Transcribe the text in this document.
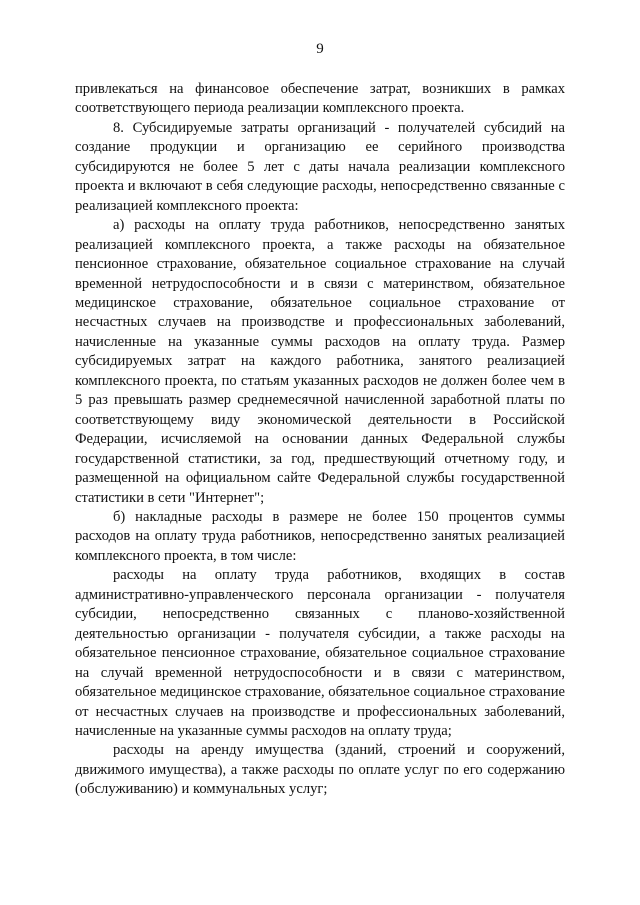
9

привлекаться на финансовое обеспечение затрат, возникших в рамках соответствующего периода реализации комплексного проекта.

8. Субсидируемые затраты организаций - получателей субсидий на создание продукции и организацию ее серийного производства субсидируются не более 5 лет с даты начала реализации комплексного проекта и включают в себя следующие расходы, непосредственно связанные с реализацией комплексного проекта:

а) расходы на оплату труда работников, непосредственно занятых реализацией комплексного проекта, а также расходы на обязательное пенсионное страхование, обязательное социальное страхование на случай временной нетрудоспособности и в связи с материнством, обязательное медицинское страхование, обязательное социальное страхование от несчастных случаев на производстве и профессиональных заболеваний, начисленные на указанные суммы расходов на оплату труда. Размер субсидируемых затрат на каждого работника, занятого реализацией комплексного проекта, по статьям указанных расходов не должен более чем в 5 раз превышать размер среднемесячной начисленной заработной платы по соответствующему виду экономической деятельности в Российской Федерации, исчисляемой на основании данных Федеральной службы государственной статистики, за год, предшествующий отчетному году, и размещенной на официальном сайте Федеральной службы государственной статистики в сети "Интернет";

б) накладные расходы в размере не более 150 процентов суммы расходов на оплату труда работников, непосредственно занятых реализацией комплексного проекта, в том числе:

расходы на оплату труда работников, входящих в состав административно-управленческого персонала организации - получателя субсидии, непосредственно связанных с планово-хозяйственной деятельностью организации - получателя субсидии, а также расходы на обязательное пенсионное страхование, обязательное социальное страхование на случай временной нетрудоспособности и в связи с материнством, обязательное медицинское страхование, обязательное социальное страхование от несчастных случаев на производстве и профессиональных заболеваний, начисленные на указанные суммы расходов на оплату труда;

расходы на аренду имущества (зданий, строений и сооружений, движимого имущества), а также расходы по оплате услуг по его содержанию (обслуживанию) и коммунальных услуг;
